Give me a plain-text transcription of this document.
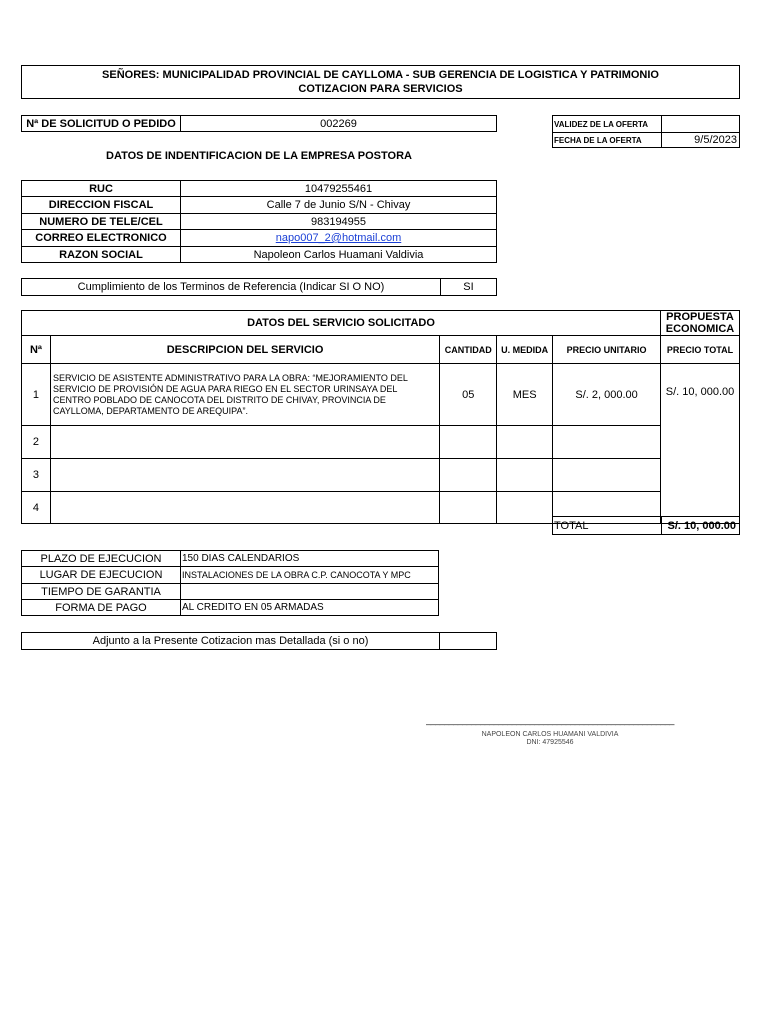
SEÑORES: MUNICIPALIDAD PROVINCIAL DE CAYLLOMA - SUB GERENCIA DE LOGISTICA Y PATRIMONIO
COTIZACION PARA SERVICIOS
Nª DE SOLICITUD O PEDIDO	002269	VALIDEZ DE LA OFERTA	
FECHA DE LA OFERTA	9/5/2023
DATOS DE INDENTIFICACION DE LA EMPRESA POSTORA
RUC	10479255461
DIRECCION FISCAL	Calle 7 de Junio S/N - Chivay
NUMERO DE TELE/CEL	983194955
CORREO ELECTRONICO	napo007_2@hotmail.com
RAZON SOCIAL	Napoleon Carlos Huamani Valdivia
Cumplimiento de los Terminos de Referencia (Indicar SI O NO)	SI
DATOS DEL SERVICIO SOLICITADO					PROPUESTA ECONOMICA
Nª	DESCRIPCION DEL SERVICIO	CANTIDAD	U. MEDIDA	PRECIO UNITARIO	PRECIO TOTAL
1	SERVICIO DE ASISTENTE ADMINISTRATIVO PARA LA OBRA: “MEJORAMIENTO DEL SERVICIO DE PROVISIÓN DE AGUA PARA RIEGO EN EL SECTOR URINSAYA DEL CENTRO POBLADO DE CANOCOTA DEL DISTRITO DE CHIVAY, PROVINCIA DE CAYLLOMA, DEPARTAMENTO DE AREQUIPA”.	05	MES	S/. 2, 000.00	S/. 10, 000.00
2					
3					
4					
TOTAL	S/. 10, 000.00
PLAZO DE EJECUCION	150 DIAS CALENDARIOS
LUGAR DE EJECUCION	INSTALACIONES DE LA OBRA C.P. CANOCOTA Y MPC
TIEMPO DE GARANTIA	
FORMA DE PAGO	AL CREDITO EN 05 ARMADAS
Adjunto a la Presente Cotizacion mas Detallada (si o no)	
_______________________________________________________
NAPOLEON CARLOS HUAMANI VALDIVIA
DNI: 47925546
